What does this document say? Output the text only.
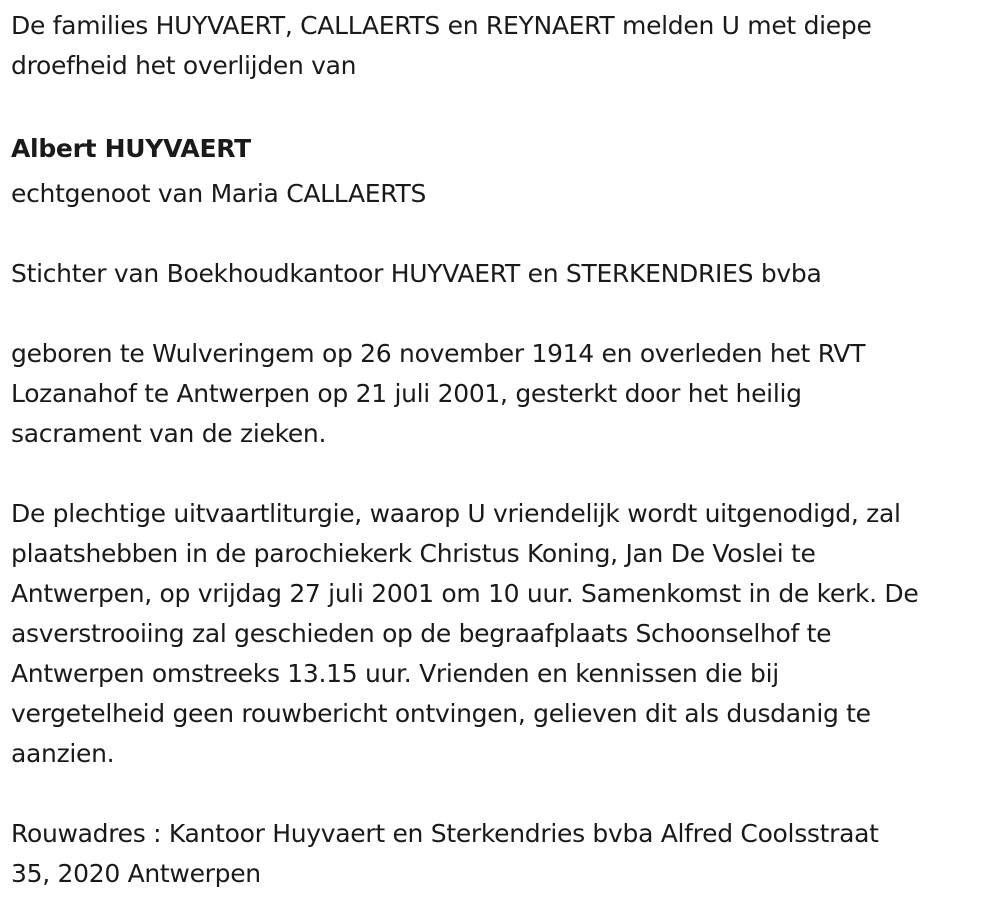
De families HUYVAERT, CALLAERTS en REYNAERT melden U met diepe
droefheid het overlijden van
Albert HUYVAERT
echtgenoot van Maria CALLAERTS
Stichter van Boekhoudkantoor HUYVAERT en STERKENDRIES bvba
geboren te Wulveringem op 26 november 1914 en overleden het RVT
Lozanahof te Antwerpen op 21 juli 2001, gesterkt door het heilig
sacrament van de zieken.
De plechtige uitvaartliturgie, waarop U vriendelijk wordt uitgenodigd, zal
plaatshebben in de parochiekerk Christus Koning, Jan De Voslei te
Antwerpen, op vrijdag 27 juli 2001 om 10 uur. Samenkomst in de kerk. De
asverstrooiing zal geschieden op de begraafplaats Schoonselhof te
Antwerpen omstreeks 13.15 uur. Vrienden en kennissen die bij
vergetelheid geen rouwbericht ontvingen, gelieven dit als dusdanig te
aanzien.
Rouwadres : Kantoor Huyvaert en Sterkendries bvba Alfred Coolsstraat
35, 2020 Antwerpen
